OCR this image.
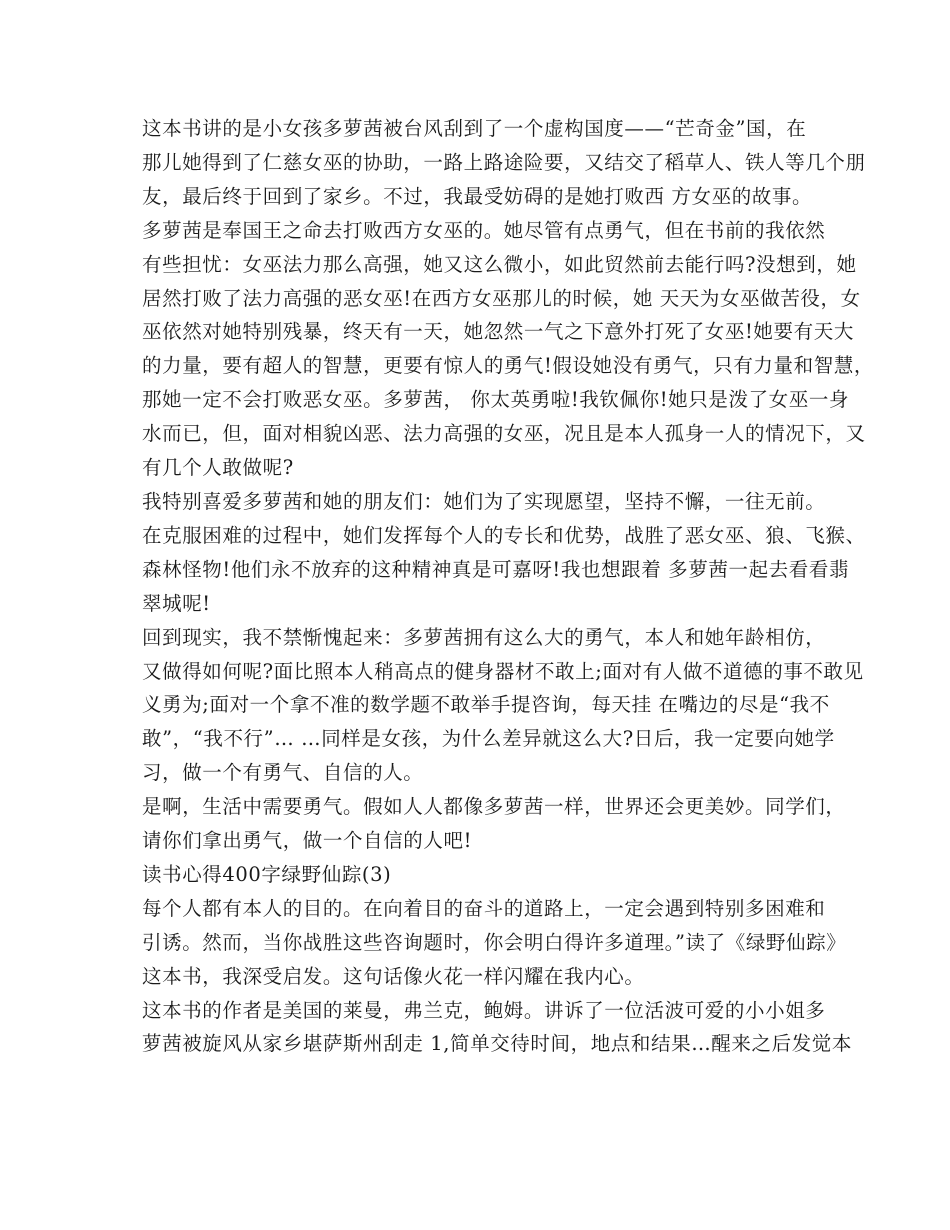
这本书讲的是小女孩多萝茜被台风刮到了一个虚构国度——“芒奇金”国，在

那儿她得到了仁慈女巫的协助，一路上路途险要，又结交了稻草人、铁人等几个朋

友，最后终于回到了家乡。不过，我最受妨碍的是她打败西 方女巫的故事。

多萝茜是奉国王之命去打败西方女巫的。她尽管有点勇气，但在书前的我依然

有些担忧：女巫法力那么高强，她又这么微小，如此贸然前去能行吗?没想到，她

居然打败了法力高强的恶女巫!在西方女巫那儿的时候，她 天天为女巫做苦役，女

巫依然对她特别残暴，终天有一天，她忽然一气之下意外打死了女巫!她要有天大

的力量，要有超人的智慧，更要有惊人的勇气!假设她没有勇气，只有力量和智慧，

那她一定不会打败恶女巫。多萝茜， 你太英勇啦!我钦佩你!她只是泼了女巫一身

水而已，但，面对相貌凶恶、法力高强的女巫，况且是本人孤身一人的情况下，又

有几个人敢做呢?

我特别喜爱多萝茜和她的朋友们：她们为了实现愿望，坚持不懈，一往无前。

在克服困难的过程中，她们发挥每个人的专长和优势，战胜了恶女巫、狼、飞猴、

森林怪物!他们永不放弃的这种精神真是可嘉呀!我也想跟着 多萝茜一起去看看翡

翠城呢!

回到现实，我不禁惭愧起来：多萝茜拥有这么大的勇气，本人和她年龄相仿，

又做得如何呢?面比照本人稍高点的健身器材不敢上;面对有人做不道德的事不敢见

义勇为;面对一个拿不准的数学题不敢举手提咨询，每天挂 在嘴边的尽是“我不

敢”，“我不行”… …同样是女孩，为什么差异就这么大?日后，我一定要向她学

习，做一个有勇气、自信的人。

是啊，生活中需要勇气。假如人人都像多萝茜一样，世界还会更美妙。同学们，

请你们拿出勇气，做一个自信的人吧!

读书心得400字绿野仙踪(3)

每个人都有本人的目的。在向着目的奋斗的道路上，一定会遇到特别多困难和

引诱。然而，当你战胜这些咨询题时，你会明白得许多道理。”读了《绿野仙踪》

这本书，我深受启发。这句话像火花一样闪耀在我内心。

这本书的作者是美国的莱曼，弗兰克，鲍姆。讲诉了一位活波可爱的小小姐多

萝茜被旋风从家乡堪萨斯州刮走 1,简单交待时间，地点和结果…醒来之后发觉本
